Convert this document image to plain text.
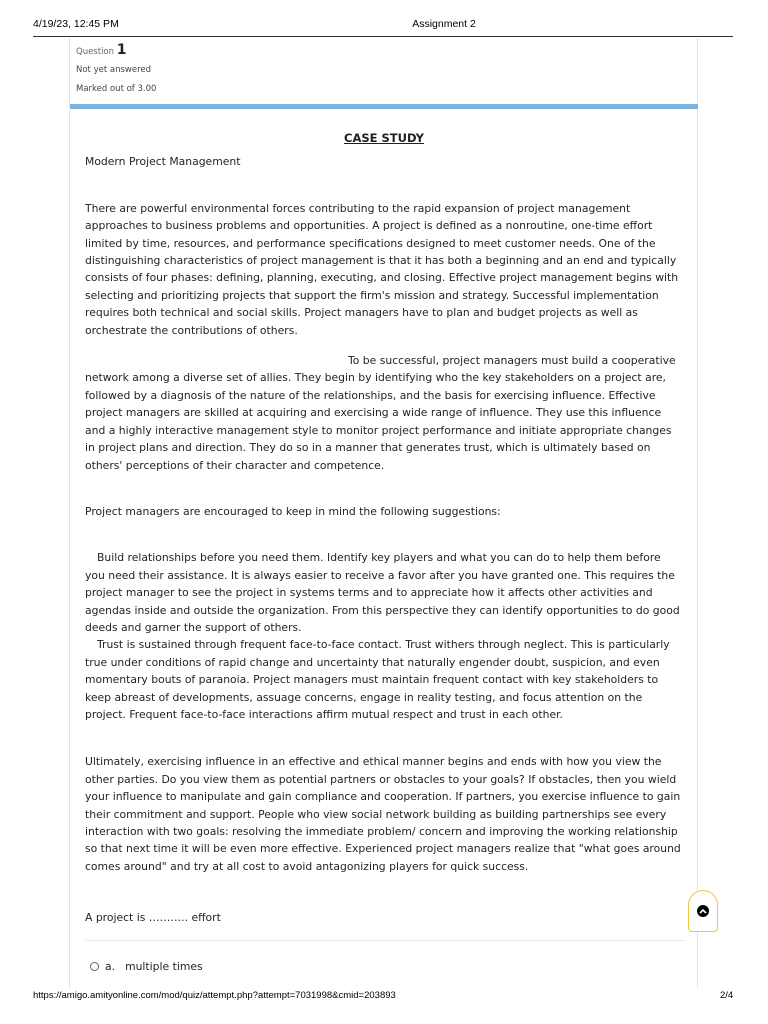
4/19/23, 12:45 PM	Assignment 2
Question 1
Not yet answered
Marked out of 3.00
CASE STUDY
Modern Project Management
There are powerful environmental forces contributing to the rapid expansion of project management approaches to business problems and opportunities. A project is defined as a nonroutine, one-time effort limited by time, resources, and performance specifications designed to meet customer needs. One of the distinguishing characteristics of project management is that it has both a beginning and an end and typically consists of four phases: defining, planning, executing, and closing. Effective project management begins with selecting and prioritizing projects that support the firm's mission and strategy. Successful implementation requires both technical and social skills. Project managers have to plan and budget projects as well as orchestrate the contributions of others.
To be successful, project managers must build a cooperative network among a diverse set of allies. They begin by identifying who the key stakeholders on a project are, followed by a diagnosis of the nature of the relationships, and the basis for exercising influence. Effective project managers are skilled at acquiring and exercising a wide range of influence. They use this influence and a highly interactive management style to monitor project performance and initiate appropriate changes in project plans and direction. They do so in a manner that generates trust, which is ultimately based on others' perceptions of their character and competence.
Project managers are encouraged to keep in mind the following suggestions:
Build relationships before you need them. Identify key players and what you can do to help them before you need their assistance. It is always easier to receive a favor after you have granted one. This requires the project manager to see the project in systems terms and to appreciate how it affects other activities and agendas inside and outside the organization. From this perspective they can identify opportunities to do good deeds and garner the support of others.
Trust is sustained through frequent face-to-face contact. Trust withers through neglect. This is particularly true under conditions of rapid change and uncertainty that naturally engender doubt, suspicion, and even momentary bouts of paranoia. Project managers must maintain frequent contact with key stakeholders to keep abreast of developments, assuage concerns, engage in reality testing, and focus attention on the project. Frequent face-to-face interactions affirm mutual respect and trust in each other.
Ultimately, exercising influence in an effective and ethical manner begins and ends with how you view the other parties. Do you view them as potential partners or obstacles to your goals? If obstacles, then you wield your influence to manipulate and gain compliance and cooperation. If partners, you exercise influence to gain their commitment and support. People who view social network building as building partnerships see every interaction with two goals: resolving the immediate problem/ concern and improving the working relationship so that next time it will be even more effective. Experienced project managers realize that "what goes around comes around" and try at all cost to avoid antagonizing players for quick success.
A project is ……….. effort
a. multiple times
https://amigo.amityonline.com/mod/quiz/attempt.php?attempt=7031998&cmid=203893	2/4
